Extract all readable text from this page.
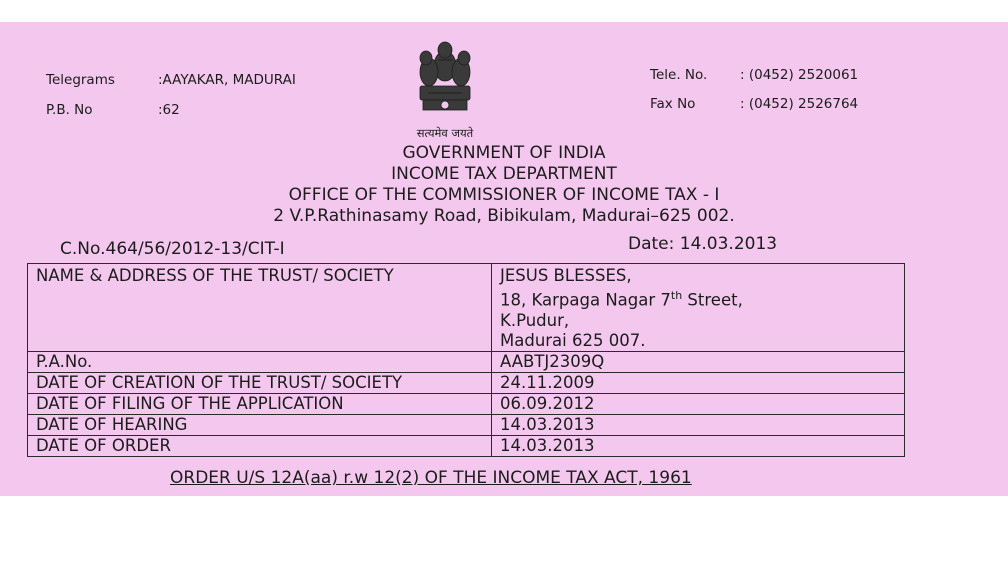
Telegrams	:AAYAKAR, MADURAI
P.B. No	:62
Tele. No. : (0452) 2520061
Fax No	: (0452) 2526764
सत्यमेव जयते
GOVERNMENT OF INDIA
INCOME TAX DEPARTMENT
OFFICE OF THE COMMISSIONER OF INCOME TAX - I
2 V.P.Rathinasamy Road, Bibikulam, Madurai–625 002.
C.No.464/56/2012-13/CIT-I	Date: 14.03.2013
NAME & ADDRESS OF THE TRUST/ SOCIETY	JESUS BLESSES,
18, Karpaga Nagar 7th Street,
K.Pudur,
Madurai 625 007.

P.A.No.	AABTJ2309Q
DATE OF CREATION OF THE TRUST/ SOCIETY	24.11.2009
DATE OF FILING OF THE APPLICATION	06.09.2012
DATE OF HEARING	14.03.2013
DATE OF ORDER	14.03.2013
ORDER U/S 12A(aa) r.w 12(2) OF THE INCOME TAX ACT, 1961
